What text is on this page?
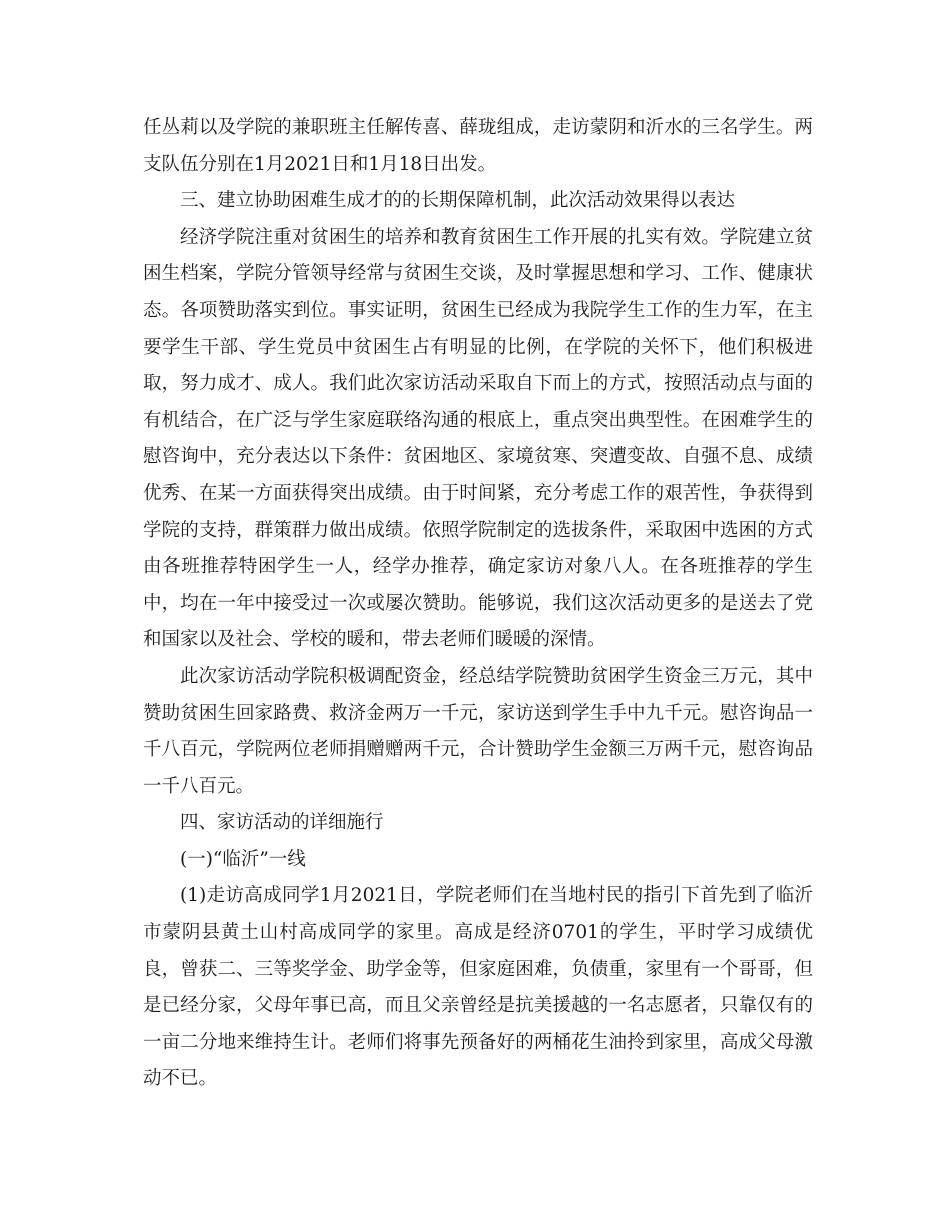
任丛莉以及学院的兼职班主任解传喜、薛珑组成，走访蒙阴和沂水的三名学生。两支队伍分别在1月2021日和1月18日出发。

三、建立协助困难生成才的的长期保障机制，此次活动效果得以表达

经济学院注重对贫困生的培养和教育贫困生工作开展的扎实有效。学院建立贫困生档案，学院分管领导经常与贫困生交谈，及时掌握思想和学习、工作、健康状态。各项赞助落实到位。事实证明，贫困生已经成为我院学生工作的生力军，在主要学生干部、学生党员中贫困生占有明显的比例，在学院的关怀下，他们积极进取，努力成才、成人。我们此次家访活动采取自下而上的方式，按照活动点与面的有机结合，在广泛与学生家庭联络沟通的根底上，重点突出典型性。在困难学生的慰咨询中，充分表达以下条件：贫困地区、家境贫寒、突遭变故、自强不息、成绩优秀、在某一方面获得突出成绩。由于时间紧，充分考虑工作的艰苦性，争获得到学院的支持，群策群力做出成绩。依照学院制定的选拔条件，采取困中选困的方式由各班推荐特困学生一人，经学办推荐，确定家访对象八人。在各班推荐的学生中，均在一年中接受过一次或屡次赞助。能够说，我们这次活动更多的是送去了党和国家以及社会、学校的暖和，带去老师们暖暖的深情。

此次家访活动学院积极调配资金，经总结学院赞助贫困学生资金三万元，其中赞助贫困生回家路费、救济金两万一千元，家访送到学生手中九千元。慰咨询品一千八百元，学院两位老师捐赠赠两千元，合计赞助学生金额三万两千元，慰咨询品一千八百元。

四、家访活动的详细施行

(一)“临沂”一线

(1)走访高成同学1月2021日，学院老师们在当地村民的指引下首先到了临沂市蒙阴县黄土山村高成同学的家里。高成是经济0701的学生，平时学习成绩优良，曾获二、三等奖学金、助学金等，但家庭困难，负债重，家里有一个哥哥，但是已经分家，父母年事已高，而且父亲曾经是抗美援越的一名志愿者，只靠仅有的一亩二分地来维持生计。老师们将事先预备好的两桶花生油拎到家里，高成父母激动不已。
